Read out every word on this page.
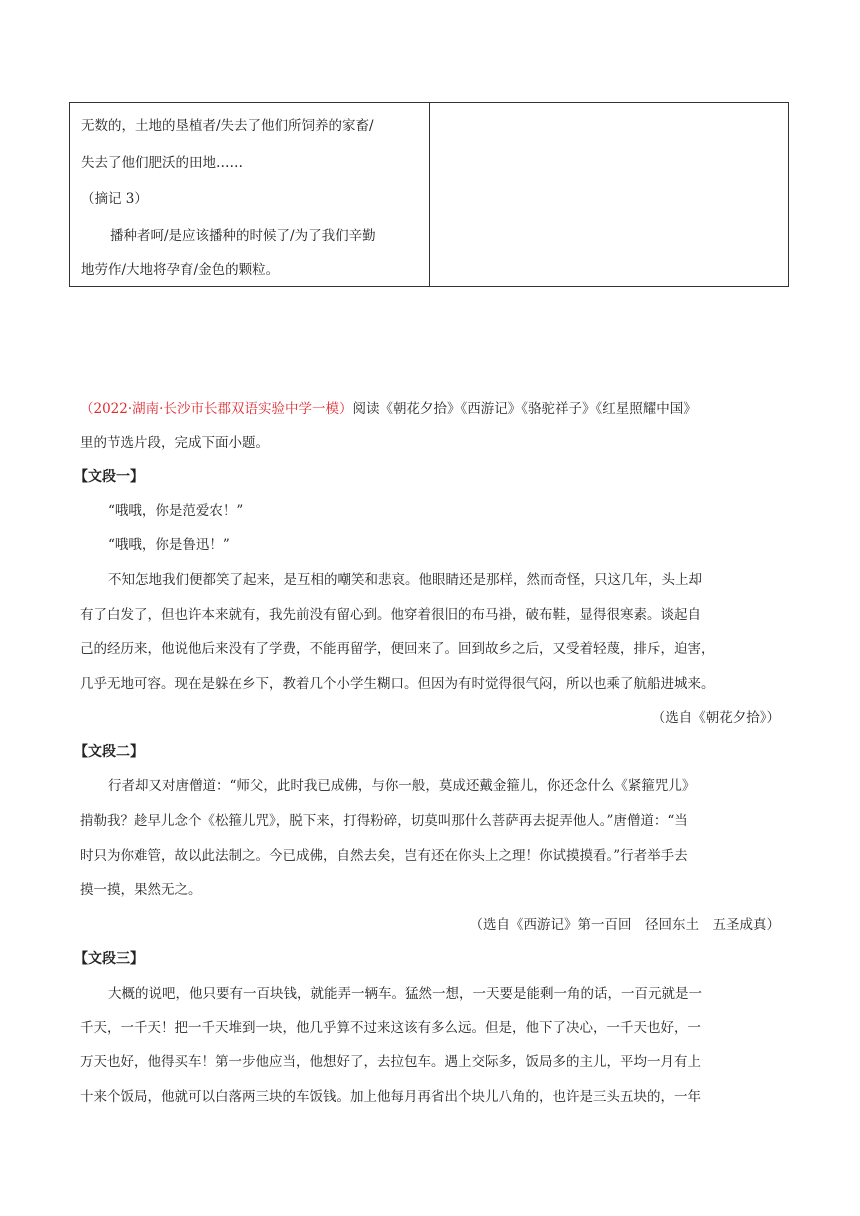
无数的，土地的垦植者/失去了他们所饲养的家畜/
失去了他们肥沃的田地……
（摘记 3）
播种者呵/是应该播种的时候了/为了我们辛勤
地劳作/大地将孕育/金色的颗粒。
（2022·湖南·长沙市长郡双语实验中学一模）阅读《朝花夕拾》《西游记》《骆驼祥子》《红星照耀中国》
里的节选片段，完成下面小题。
【文段一】
“哦哦，你是范爱农！”
“哦哦，你是鲁迅！”
不知怎地我们便都笑了起来，是互相的嘲笑和悲哀。他眼睛还是那样，然而奇怪，只这几年，头上却
有了白发了，但也许本来就有，我先前没有留心到。他穿着很旧的布马褂，破布鞋，显得很寒素。谈起自
己的经历来，他说他后来没有了学费，不能再留学，便回来了。回到故乡之后，又受着轻蔑，排斥，迫害，
几乎无地可容。现在是躲在乡下，教着几个小学生糊口。但因为有时觉得很气闷，所以也乘了航船进城来。
（选自《朝花夕拾》）
【文段二】
行者却又对唐僧道：“师父，此时我已成佛，与你一般，莫成还戴金箍儿，你还念什么《紧箍咒儿》
掯勒我？趁早儿念个《松箍儿咒》，脱下来，打得粉碎，切莫叫那什么菩萨再去捉弄他人。”唐僧道：“当
时只为你难管，故以此法制之。今已成佛，自然去矣，岂有还在你头上之理！你试摸摸看。”行者举手去
摸一摸，果然无之。
（选自《西游记》第一百回　径回东土　五圣成真）
【文段三】
大概的说吧，他只要有一百块钱，就能弄一辆车。猛然一想，一天要是能剩一角的话，一百元就是一
千天，一千天！把一千天堆到一块，他几乎算不过来这该有多么远。但是，他下了决心，一千天也好，一
万天也好，他得买车！第一步他应当，他想好了，去拉包车。遇上交际多，饭局多的主儿，平均一月有上
十来个饭局，他就可以白落两三块的车饭钱。加上他每月再省出个块儿八角的，也许是三头五块的，一年
